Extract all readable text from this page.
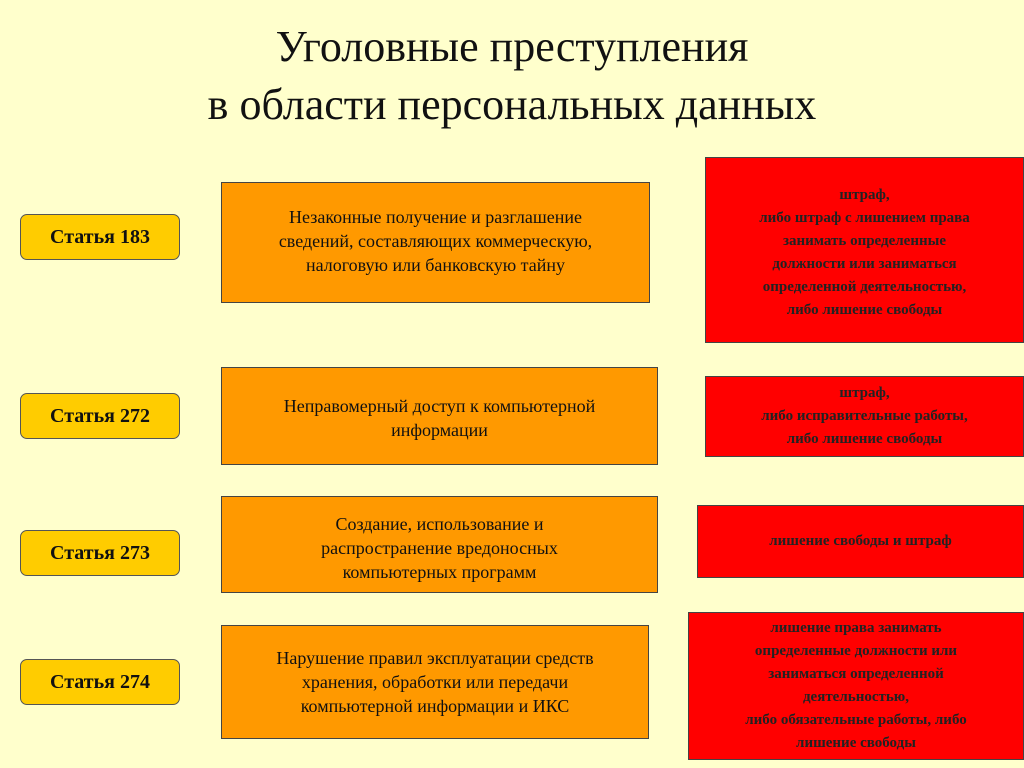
Уголовные преступления
в области персональных данных
Статья 183
Незаконные получение и разглашение
сведений, составляющих коммерческую,
налоговую или банковскую тайну
штраф,
либо штраф с лишением права
занимать определенные
должности или заниматься
определенной деятельностью,
либо лишение свободы
Статья 272	Неправомерный доступ к компьютерной
информации
штраф,
либо исправительные работы,
либо лишение свободы
Статья 273
Создание, использование и
распространение вредоносных
компьютерных программ
лишение свободы и штраф
Статья 274
Нарушение правил эксплуатации средств
хранения, обработки или передачи
компьютерной информации и ИКС
лишение права занимать
определенные должности или
заниматься определенной
деятельностью,
либо обязательные работы, либо
лишение свободы
